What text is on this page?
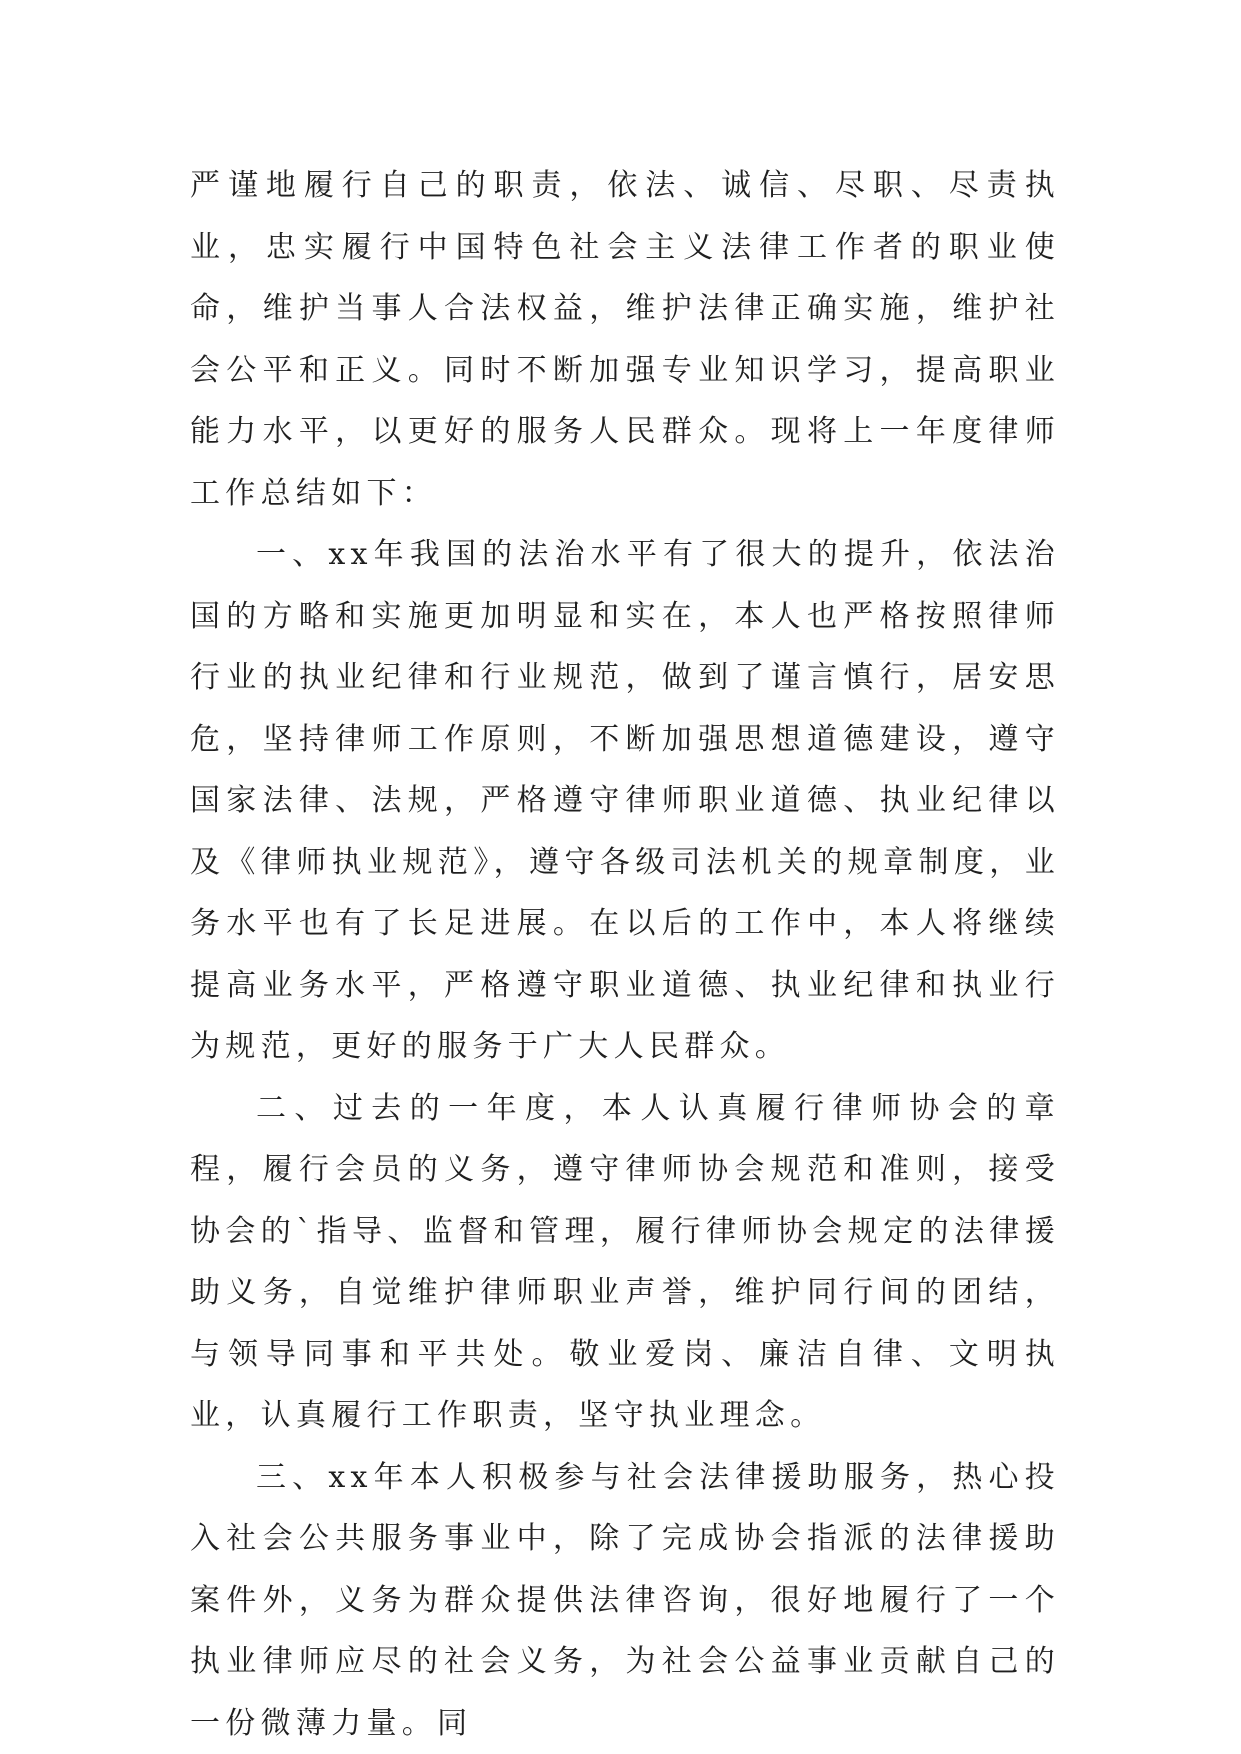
严谨地履行自己的职责，依法、诚信、尽职、尽责执业，忠实履行中国特色社会主义法律工作者的职业使命，维护当事人合法权益，维护法律正确实施，维护社会公平和正义。同时不断加强专业知识学习，提高职业能力水平，以更好的服务人民群众。现将上一年度律师工作总结如下：

一、xx年我国的法治水平有了很大的提升，依法治国的方略和实施更加明显和实在，本人也严格按照律师行业的执业纪律和行业规范，做到了谨言慎行，居安思危，坚持律师工作原则，不断加强思想道德建设，遵守国家法律、法规，严格遵守律师职业道德、执业纪律以及《律师执业规范》，遵守各级司法机关的规章制度，业务水平也有了长足进展。在以后的工作中，本人将继续提高业务水平，严格遵守职业道德、执业纪律和执业行为规范，更好的服务于广大人民群众。

二、过去的一年度，本人认真履行律师协会的章程，履行会员的义务，遵守律师协会规范和准则，接受协会的`指导、监督和管理，履行律师协会规定的法律援助义务，自觉维护律师职业声誉，维护同行间的团结，与领导同事和平共处。敬业爱岗、廉洁自律、文明执业，认真履行工作职责，坚守执业理念。

三、xx年本人积极参与社会法律援助服务，热心投入社会公共服务事业中，除了完成协会指派的法律援助案件外，义务为群众提供法律咨询，很好地履行了一个执业律师应尽的社会义务，为社会公益事业贡献自己的一份微薄力量。同
